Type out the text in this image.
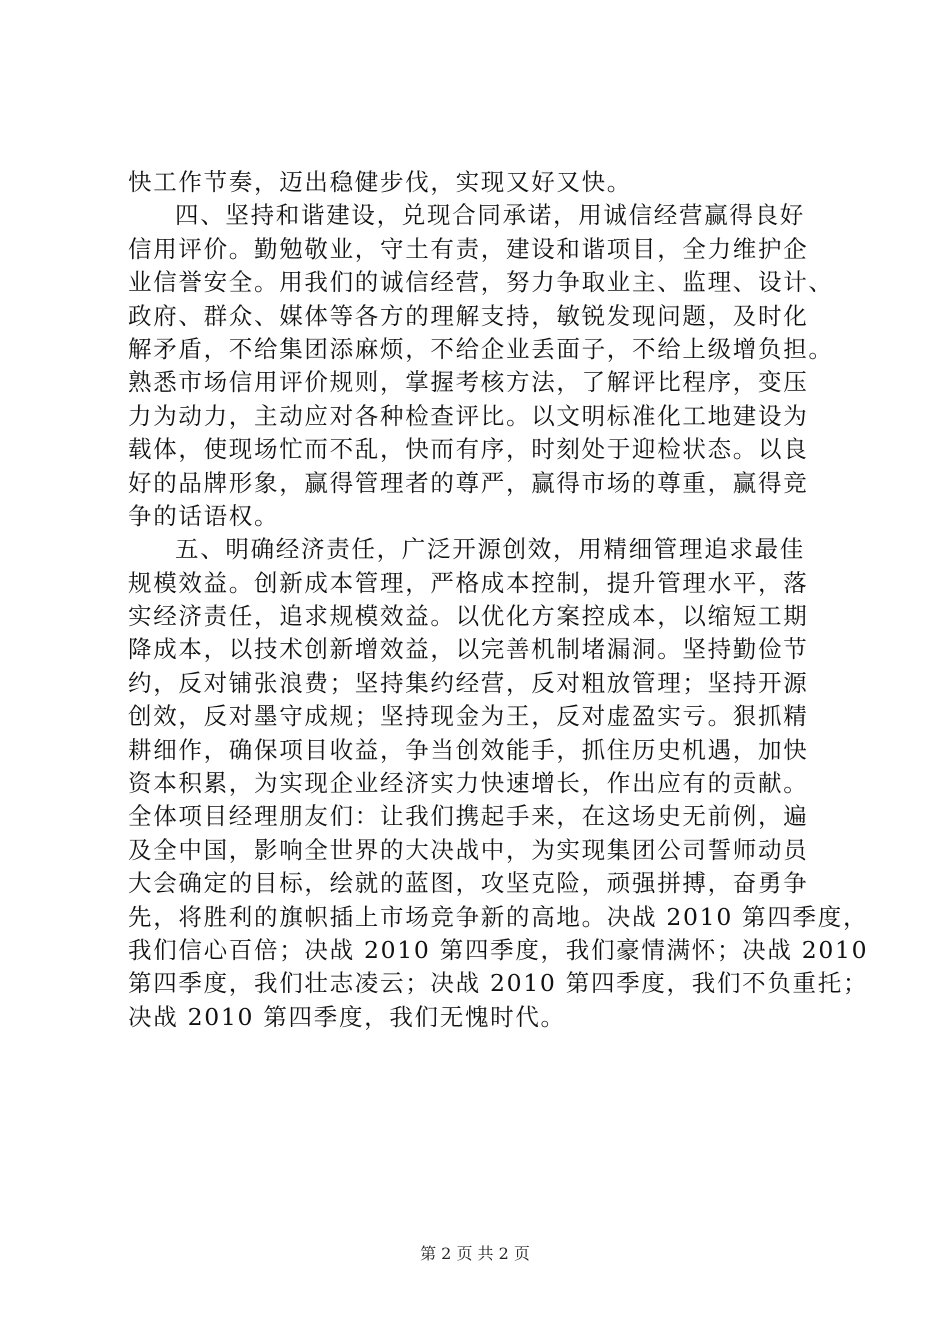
快工作节奏，迈出稳健步伐，实现又好又快。
四、坚持和谐建设，兑现合同承诺，用诚信经营赢得良好
信用评价。勤勉敬业，守土有责，建设和谐项目，全力维护企
业信誉安全。用我们的诚信经营，努力争取业主、监理、设计、
政府、群众、媒体等各方的理解支持，敏锐发现问题，及时化
解矛盾，不给集团添麻烦，不给企业丢面子，不给上级增负担。
熟悉市场信用评价规则，掌握考核方法，了解评比程序，变压
力为动力，主动应对各种检查评比。以文明标准化工地建设为
载体，使现场忙而不乱，快而有序，时刻处于迎检状态。以良
好的品牌形象，赢得管理者的尊严，赢得市场的尊重，赢得竞
争的话语权。
五、明确经济责任，广泛开源创效，用精细管理追求最佳
规模效益。创新成本管理，严格成本控制，提升管理水平，落
实经济责任，追求规模效益。以优化方案控成本，以缩短工期
降成本，以技术创新增效益，以完善机制堵漏洞。坚持勤俭节
约，反对铺张浪费；坚持集约经营，反对粗放管理；坚持开源
创效，反对墨守成规；坚持现金为王，反对虚盈实亏。狠抓精
耕细作，确保项目收益，争当创效能手，抓住历史机遇，加快
资本积累，为实现企业经济实力快速增长，作出应有的贡献。
全体项目经理朋友们：让我们携起手来，在这场史无前例，遍
及全中国，影响全世界的大决战中，为实现集团公司誓师动员
大会确定的目标，绘就的蓝图，攻坚克险，顽强拼搏，奋勇争
先，将胜利的旗帜插上市场竞争新的高地。决战 2010 第四季度，
我们信心百倍；决战 2010 第四季度，我们豪情满怀；决战 2010
第四季度，我们壮志凌云；决战 2010 第四季度，我们不负重托；
决战 2010 第四季度，我们无愧时代。
第 2 页 共 2 页
